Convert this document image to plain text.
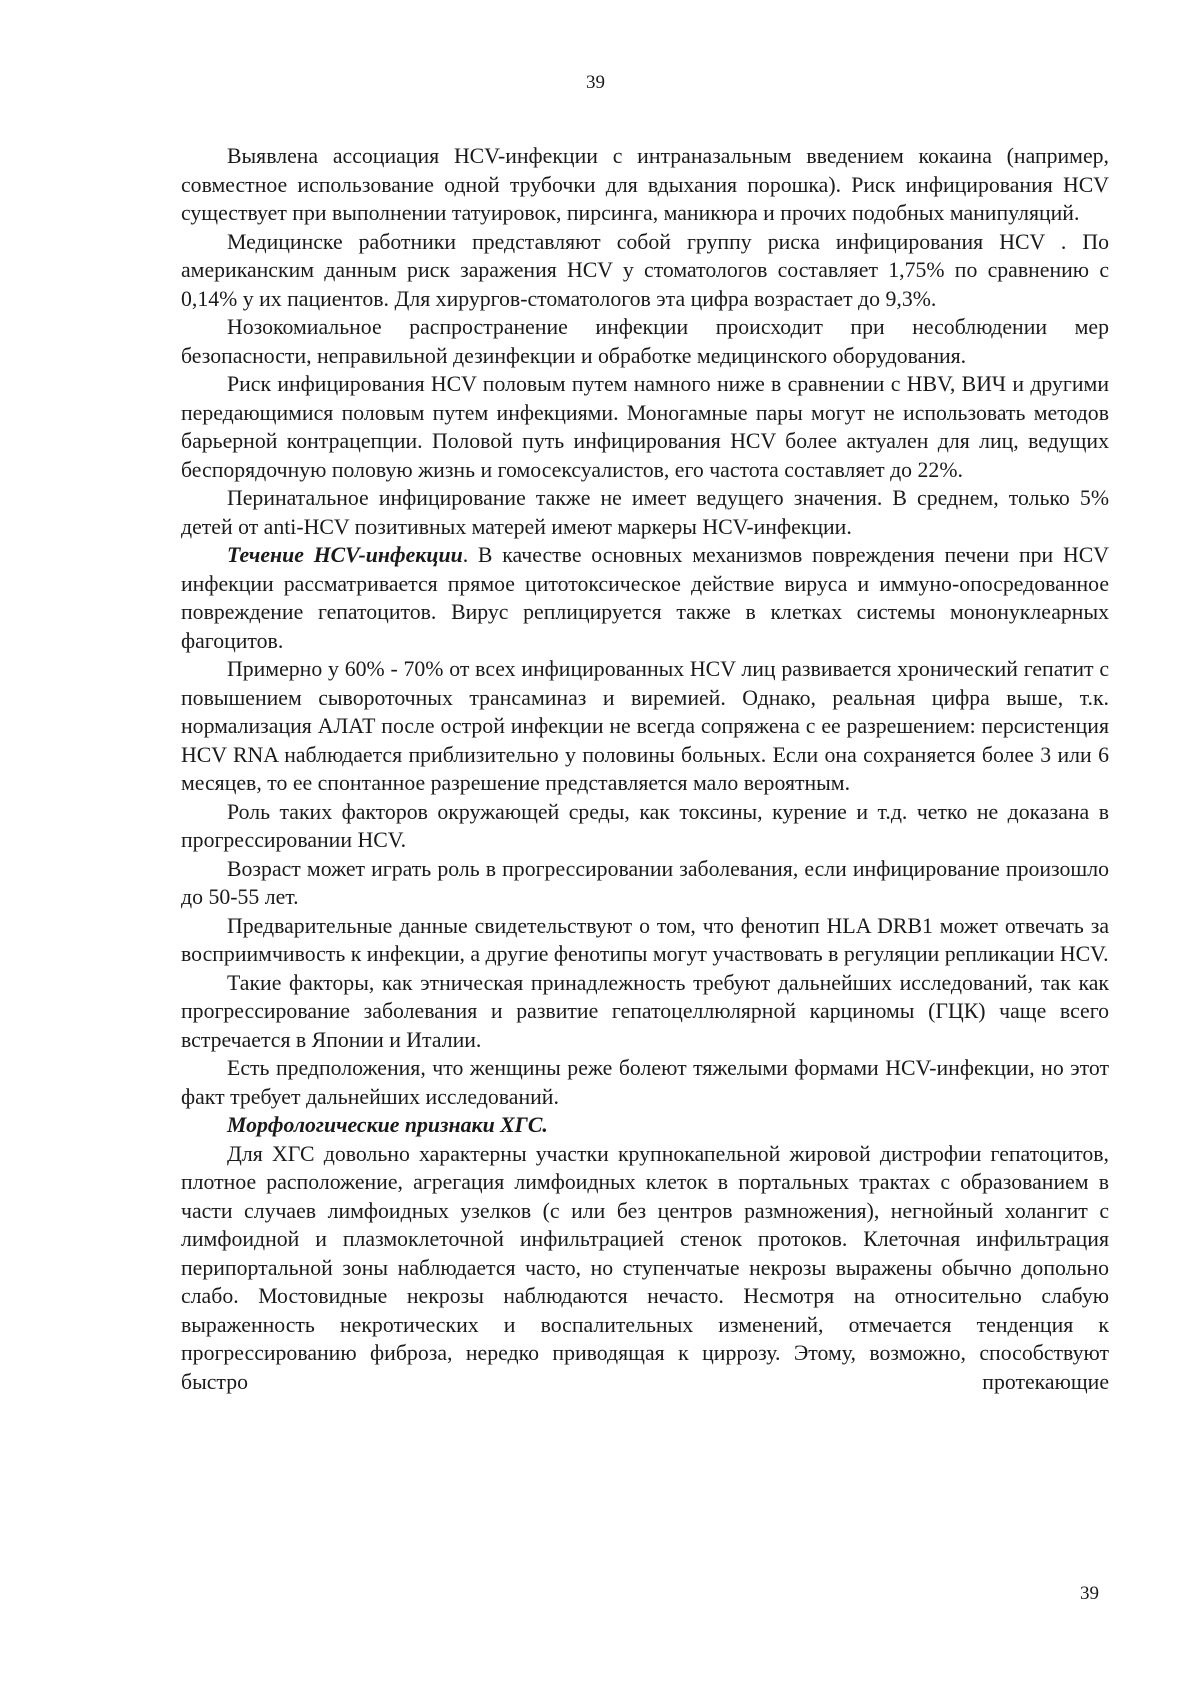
39

Выявлена ассоциация HCV-инфекции с интраназальным введением кокаина (например, совместное использование одной трубочки для вдыхания порошка). Риск инфицирования HCV существует при выполнении татуировок, пирсинга, маникюра и прочих подобных манипуляций.

Медицинске работники представляют собой группу риска инфицирования HCV . По американским данным риск заражения HCV у стоматологов составляет 1,75% по сравнению с 0,14% у их пациентов. Для хирургов-стоматологов эта цифра возрастает до 9,3%.

Нозокомиальное распространение инфекции происходит при несоблюдении мер безопасности, неправильной дезинфекции и обработке медицинского оборудования.

Риск инфицирования HCV половым путем намного ниже в сравнении с HBV, ВИЧ и другими передающимися половым путем инфекциями. Моногамные пары могут не использовать методов барьерной контрацепции. Половой путь инфицирования HCV более актуален для лиц, ведущих беспорядочную половую жизнь и гомосексуалистов, его частота составляет до 22%.

Перинатальное инфицирование также не имеет ведущего значения. В среднем, только 5% детей от anti-HCV позитивных матерей имеют маркеры HCV-инфекции.

Течение HCV-инфекции. В качестве основных механизмов повреждения печени при HCV инфекции рассматривается прямое цитотоксическое действие вируса и иммуно-опосредованное повреждение гепатоцитов. Вирус реплицируется также в клетках системы мононуклеарных фагоцитов.

Примерно у 60% - 70% от всех инфицированных HCV лиц развивается хронический гепатит с повышением сывороточных трансаминаз и виремией. Однако, реальная цифра выше, т.к. нормализация АЛАТ после острой инфекции не всегда сопряжена с ее разрешением: персистенция HCV RNA наблюдается приблизительно у половины больных. Если она сохраняется более 3 или 6 месяцев, то ее спонтанное разрешение представляется мало вероятным.

Роль таких факторов окружающей среды, как токсины, курение и т.д. четко не доказана в прогрессировании HCV.

Возраст может играть роль в прогрессировании заболевания, если инфицирование произошло до 50-55 лет.

Предварительные данные свидетельствуют о том, что фенотип HLA DRB1 может отвечать за восприимчивость к инфекции, а другие фенотипы могут участвовать в регуляции репликации HCV.

Такие факторы, как этническая принадлежность требуют дальнейших исследований, так как прогрессирование заболевания и развитие гепатоцеллюлярной карциномы (ГЦК) чаще всего встречается в Японии и Италии.

Есть предположения, что женщины реже болеют тяжелыми формами HCV-инфекции, но этот факт требует дальнейших исследований.

Морфологические признаки ХГС.

Для ХГС довольно характерны участки крупнокапельной жировой дистрофии гепатоцитов, плотное расположение, агрегация лимфоидных клеток в портальных трактах с образованием в части случаев лимфоидных узелков (с или без центров размножения), негнойный холангит с лимфоидной и плазмоклеточной инфильтрацией стенок протоков. Клеточная инфильтрация перипортальной зоны наблюдается часто, но ступенчатые некрозы выражены обычно допольно слабо. Мостовидные некрозы наблюдаются нечасто. Несмотря на относительно слабую выраженность некротических и воспалительных изменений, отмечается тенденция к прогрессированию фиброза, нередко приводящая к циррозу. Этому, возможно, способствуют быстро протекающие

39
